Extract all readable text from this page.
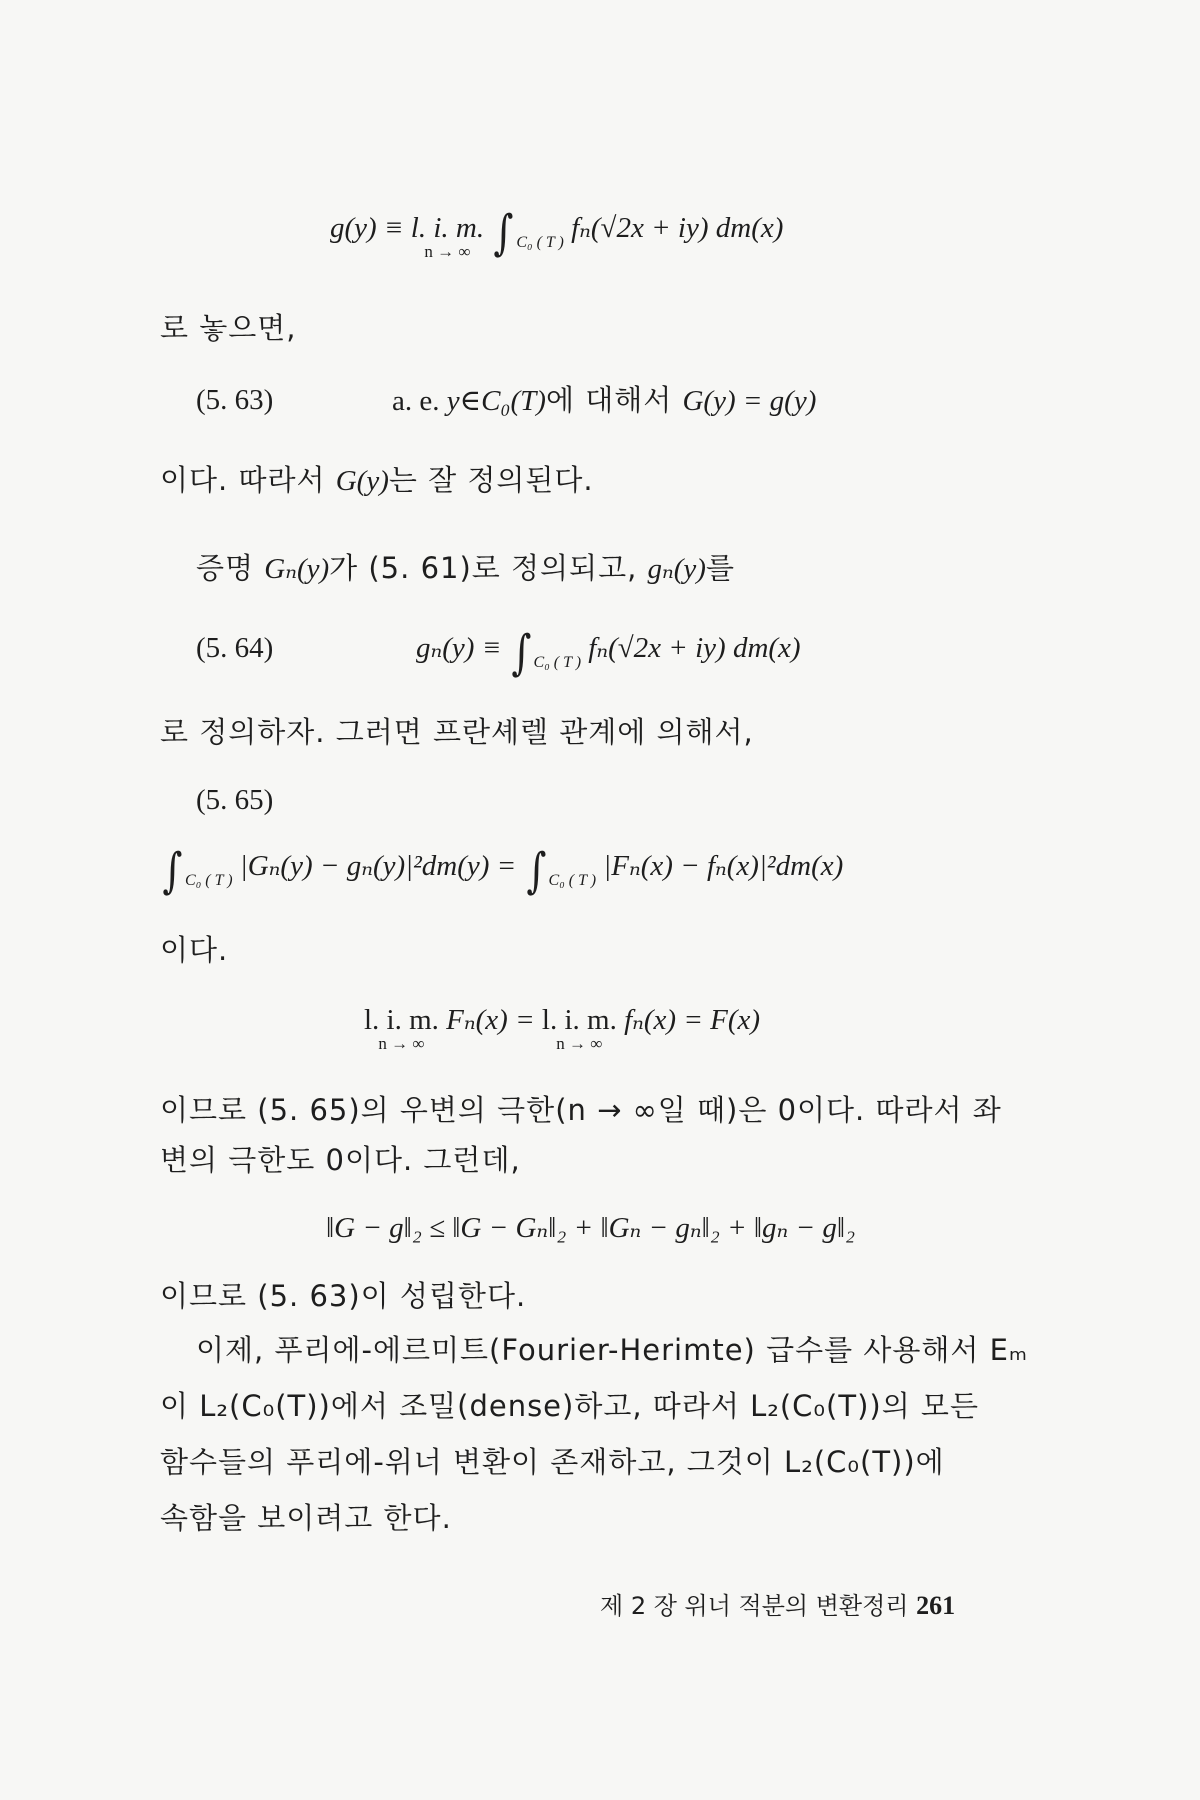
g(y) ≡ l. i. m.
n → ∞ ∫ $_{C_0 ( T )}$ fₙ(√2x + iy) dm(x)
로 놓으면,
(5. 63)	a. e. y∈C₀(T)에 대해서 G(y) = g(y)
이다. 따라서 G(y)는 잘 정의된다.
증명 Gₙ(y)가 (5. 61)로 정의되고, gₙ(y)를
(5. 64)	gₙ(y) ≡ ∫ $_{C_0 ( T )}$ fₙ(√2x + iy) dm(x)
로 정의하자. 그러면 프란셰렐 관계에 의해서,
(5. 65)
∫ $_{C_0 ( T )}$ |Gₙ(y) − gₙ(y)|²dm(y) = ∫ $_{C_0 ( T )}$ |Fₙ(x) − fₙ(x)|²dm(x)
이다.
l. i. m.
n → ∞
Fₙ(x) = l. i. m.
n → ∞
fₙ(x) = F(x)
이므로 (5. 65)의 우변의 극한(n → ∞일 때)은 0이다. 따라서 좌
변의 극한도 0이다. 그런데,
‖G − g‖₂ ≤ ‖G − Gₙ‖₂ + ‖Gₙ − gₙ‖₂ + ‖gₙ − g‖₂
이므로 (5. 63)이 성립한다.
이제, 푸리에-에르미트(Fourier-Herimte) 급수를 사용해서 Eₘ
이 L₂(C₀(T))에서 조밀(dense)하고, 따라서 L₂(C₀(T))의 모든
함수들의 푸리에-위너 변환이 존재하고, 그것이 L₂(C₀(T))에
속함을 보이려고 한다.
제 2 장 위너 적분의 변환정리 261
